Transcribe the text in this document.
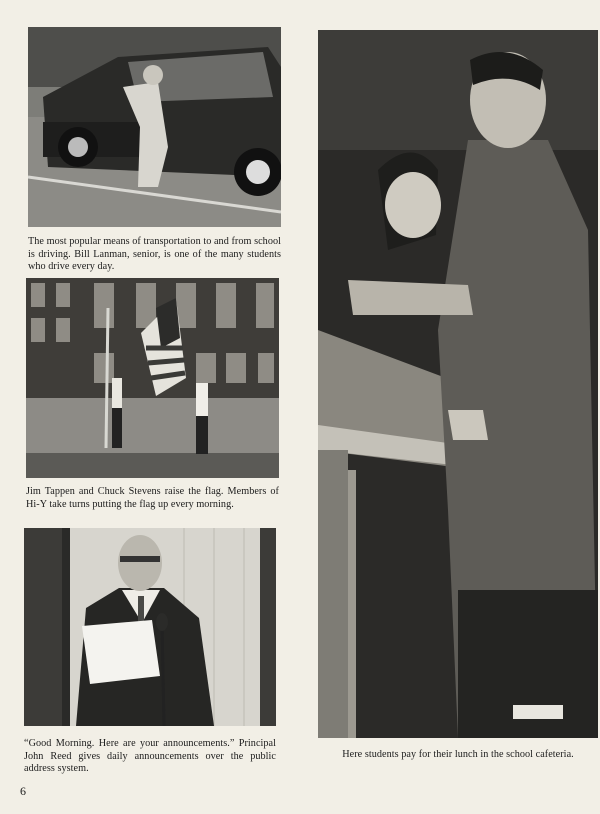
The most popular means of transportation to and from school is driving. Bill Lanman, senior, is one of the many students who drive every day.
Jim Tappen and Chuck Stevens raise the flag. Members of Hi-Y take turns putting the flag up every morning.
“Good Morning. Here are your announcements.” Principal John Reed gives daily announcements over the public address system.
Here students pay for their lunch in the school cafeteria.
6
